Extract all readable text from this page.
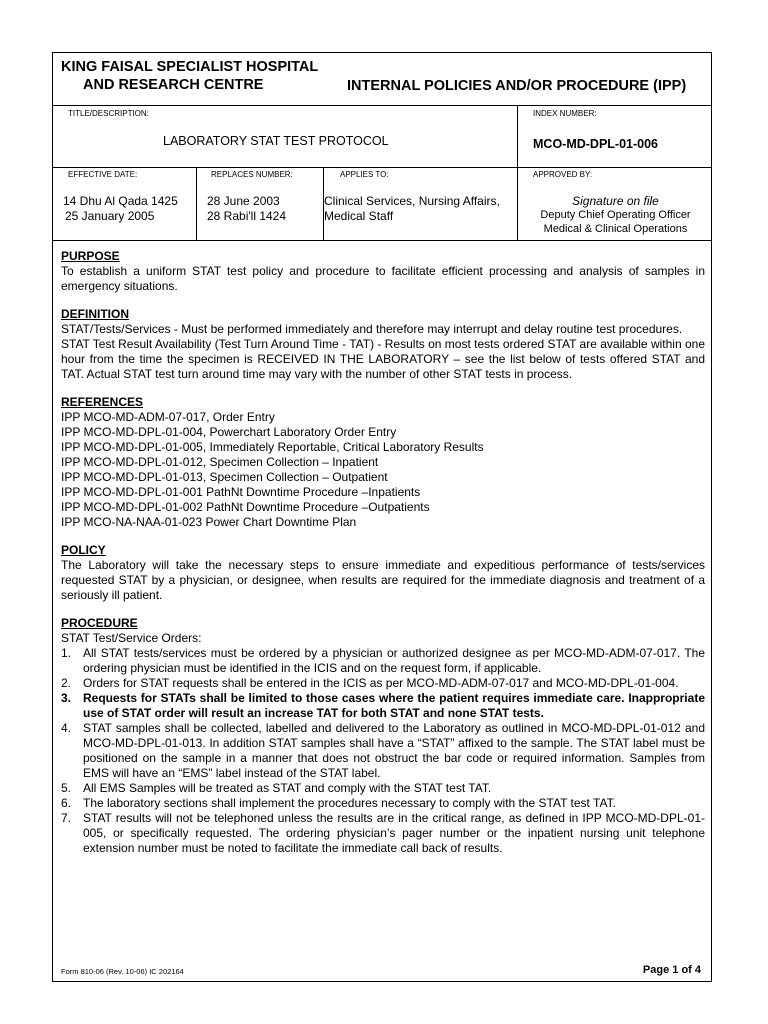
KING FAISAL SPECIALIST HOSPITAL
AND RESEARCH CENTRE	INTERNAL POLICIES AND/OR PROCEDURE (IPP)
TITLE/DESCRIPTION:
LABORATORY STAT TEST PROTOCOL
INDEX NUMBER:
MCO-MD-DPL-01-006
EFFECTIVE DATE:
14 Dhu Al Qada 1425
25 January 2005
REPLACES NUMBER:
28 June 2003
28 Rabi'll 1424
APPLIES TO:
Clinical Services, Nursing Affairs,
Medical Staff
APPROVED BY:
Signature on file
Deputy Chief Operating Officer
Medical & Clinical Operations
PURPOSE

To establish a uniform STAT test policy and procedure to facilitate efficient processing and analysis of samples in emergency situations.

DEFINITION

STAT/Tests/Services - Must be performed immediately and therefore may interrupt and delay routine test procedures.

STAT Test Result Availability (Test Turn Around Time - TAT) - Results on most tests ordered STAT are available within one hour from the time the specimen is RECEIVED IN THE LABORATORY – see the list below of tests offered STAT and TAT. Actual STAT test turn around time may vary with the number of other STAT tests in process.

REFERENCES
IPP MCO-MD-ADM-07-017, Order Entry
IPP MCO-MD-DPL-01-004, Powerchart Laboratory Order Entry
IPP MCO-MD-DPL-01-005, Immediately Reportable, Critical Laboratory Results
IPP MCO-MD-DPL-01-012, Specimen Collection – Inpatient
IPP MCO-MD-DPL-01-013, Specimen Collection – Outpatient
IPP MCO-MD-DPL-01-001 PathNt Downtime Procedure –Inpatients
IPP MCO-MD-DPL-01-002 PathNt Downtime Procedure –Outpatients
IPP MCO-NA-NAA-01-023 Power Chart Downtime Plan
POLICY

The Laboratory will take the necessary steps to ensure immediate and expeditious performance of tests/services requested STAT by a physician, or designee, when results are required for the immediate diagnosis and treatment of a seriously ill patient.

PROCEDURE
STAT Test/Service Orders:
1. All STAT tests/services must be ordered by a physician or authorized designee as per MCO-MD-ADM-07-017. The ordering physician must be identified in the ICIS and on the request form, if applicable.
2. Orders for STAT requests shall be entered in the ICIS as per MCO-MD-ADM-07-017 and MCO-MD-DPL-01-004.
3. Requests for STATs shall be limited to those cases where the patient requires immediate care. Inappropriate use of STAT order will result an increase TAT for both STAT and none STAT tests.
4. STAT samples shall be collected, labelled and delivered to the Laboratory as outlined in MCO-MD-DPL-01-012 and MCO-MD-DPL-01-013. In addition STAT samples shall have a “STAT” affixed to the sample. The STAT label must be positioned on the sample in a manner that does not obstruct the bar code or required information. Samples from EMS will have an “EMS” label instead of the STAT label.
5. All EMS Samples will be treated as STAT and comply with the STAT test TAT.
6. The laboratory sections shall implement the procedures necessary to comply with the STAT test TAT.
7. STAT results will not be telephoned unless the results are in the critical range, as defined in IPP MCO-MD-DPL-01-005, or specifically requested. The ordering physician’s pager number or the inpatient nursing unit telephone extension number must be noted to facilitate the immediate call back of results.
Form 810-06 (Rev. 10-06) IC 202164	Page 1 of 4
